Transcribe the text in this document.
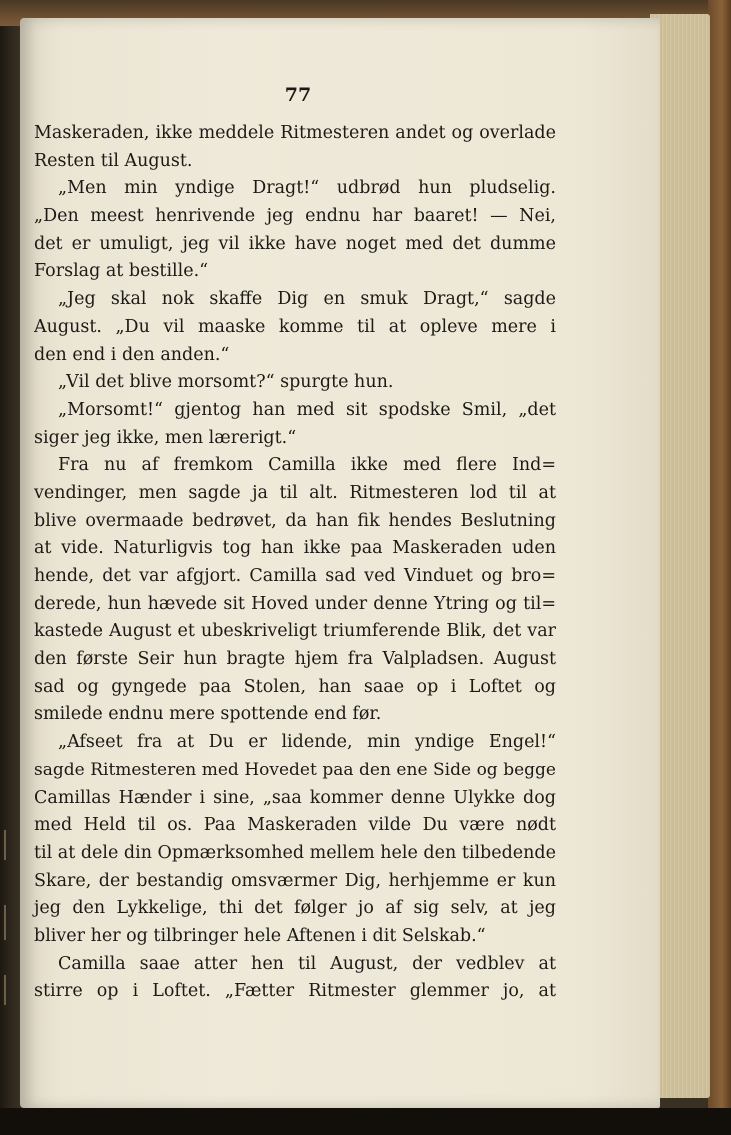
77
Maskeraden, ikke meddele Ritmesteren andet og overlade
Resten til August.
„Men min yndige Dragt!“ udbrød hun pludselig.
„Den meest henrivende jeg endnu har baaret! — Nei,
det er umuligt, jeg vil ikke have noget med det dumme
Forslag at bestille.“
„Jeg skal nok skaffe Dig en smuk Dragt,“ sagde
August. „Du vil maaske komme til at opleve mere i
den end i den anden.“
„Vil det blive morsomt?“ spurgte hun.
„Morsomt!“ gjentog han med sit spodske Smil, „det
siger jeg ikke, men lærerigt.“
Fra nu af fremkom Camilla ikke med flere Ind=
vendinger, men sagde ja til alt. Ritmesteren lod til at
blive overmaade bedrøvet, da han fik hendes Beslutning
at vide. Naturligvis tog han ikke paa Maskeraden uden
hende, det var afgjort. Camilla sad ved Vinduet og bro=
derede, hun hævede sit Hoved under denne Ytring og til=
kastede August et ubeskriveligt triumferende Blik, det var
den første Seir hun bragte hjem fra Valpladsen. August
sad og gyngede paa Stolen, han saae op i Loftet og
smilede endnu mere spottende end før.
„Afseet fra at Du er lidende, min yndige Engel!“
sagde Ritmesteren med Hovedet paa den ene Side og begge
Camillas Hænder i sine, „saa kommer denne Ulykke dog
med Held til os. Paa Maskeraden vilde Du være nødt
til at dele din Opmærksomhed mellem hele den tilbedende
Skare, der bestandig omsværmer Dig, herhjemme er kun
jeg den Lykkelige, thi det følger jo af sig selv, at jeg
bliver her og tilbringer hele Aftenen i dit Selskab.“
Camilla saae atter hen til August, der vedblev at
stirre op i Loftet. „Fætter Ritmester glemmer jo, at
